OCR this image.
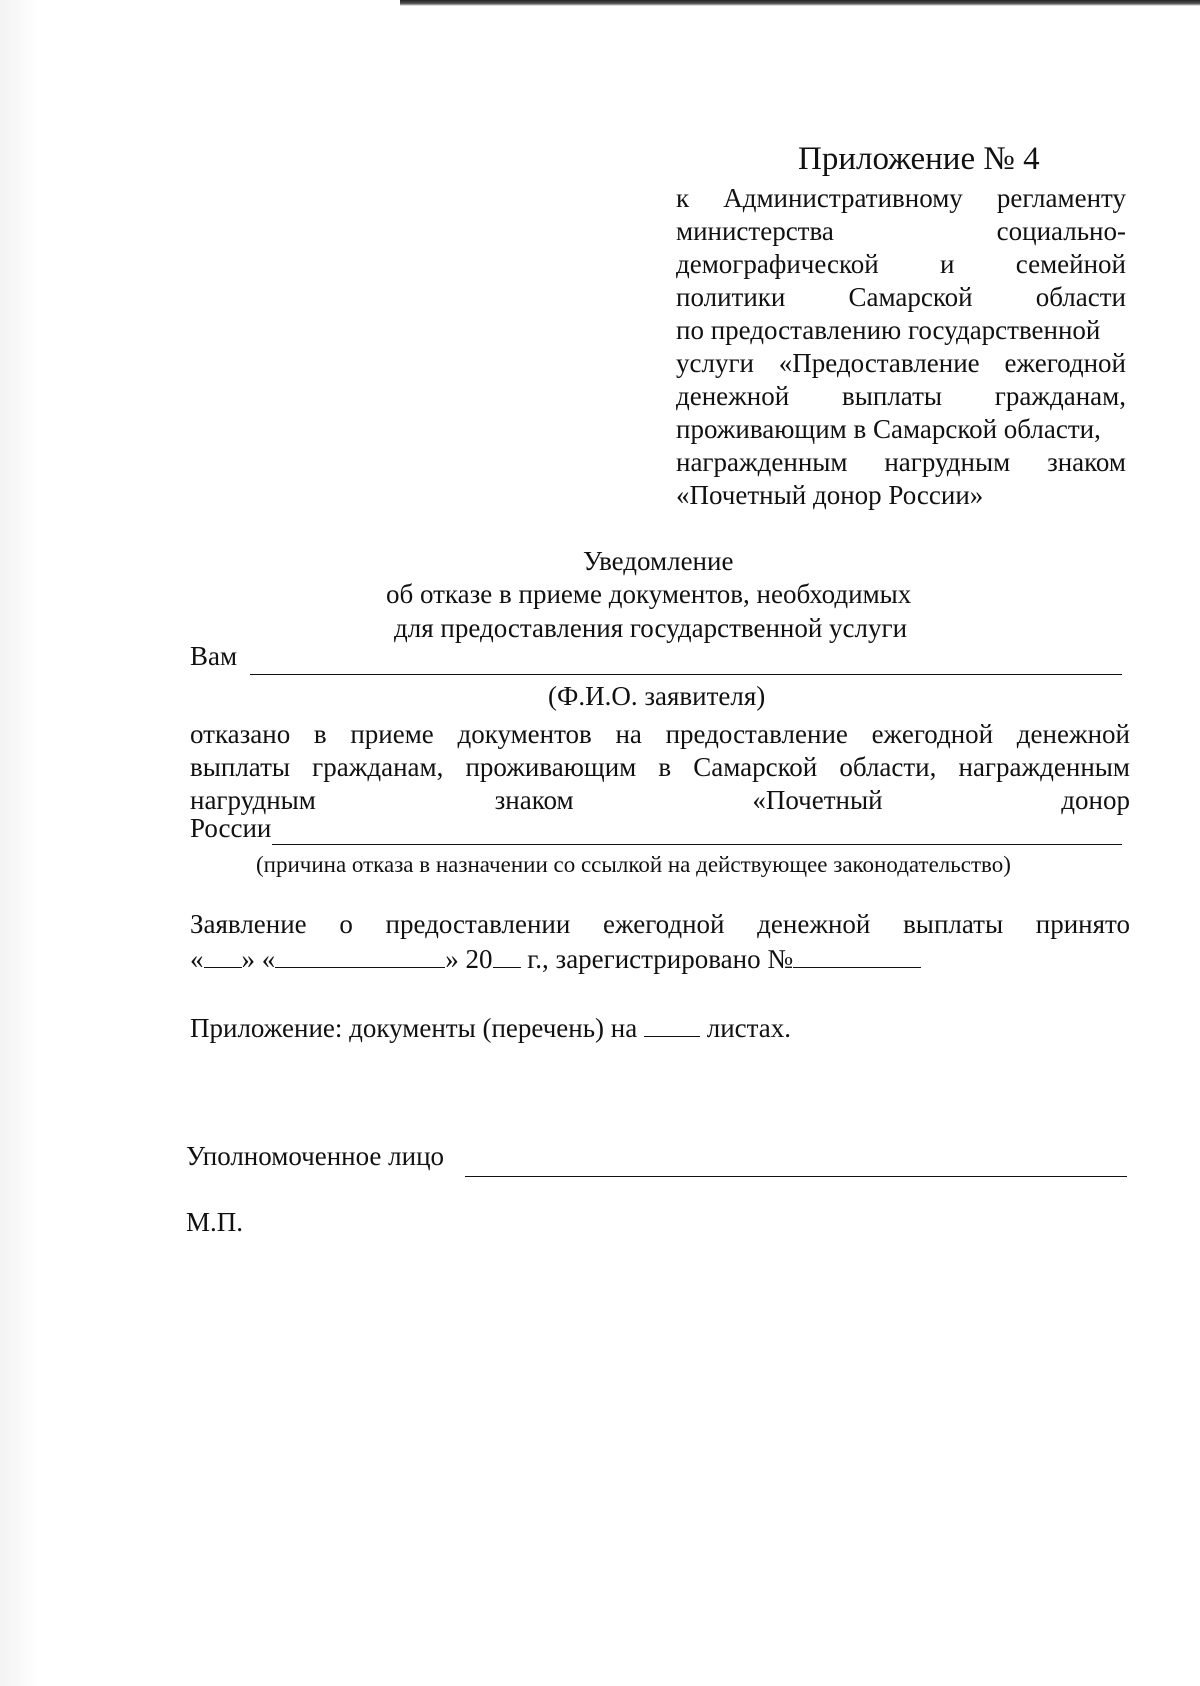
Приложение № 4
к Административному регламенту
министерства	социально-
демографической и семейной
политики Самарской области
по предоставлению государственной
услуги «Предоставление ежегодной
денежной выплаты гражданам,
проживающим в Самарской области,
награжденным нагрудным знаком
«Почетный донор России»
Уведомление
об отказе в приеме документов, необходимых
для предоставления государственной услуги
Вам
(Ф.И.О. заявителя)
отказано в приеме документов на предоставление ежегодной денежной
выплаты гражданам, проживающим в Самарской области, награжденным
нагрудным	знаком	«Почетный	донор
России
(причина отказа в назначении со ссылкой на действующее законодательство)
Заявление о предоставлении ежегодной денежной выплаты принято
« » «	» 20 г., зарегистрировано №
Приложение: документы (перечень) на  листах.
Уполномоченное лицо
М.П.
